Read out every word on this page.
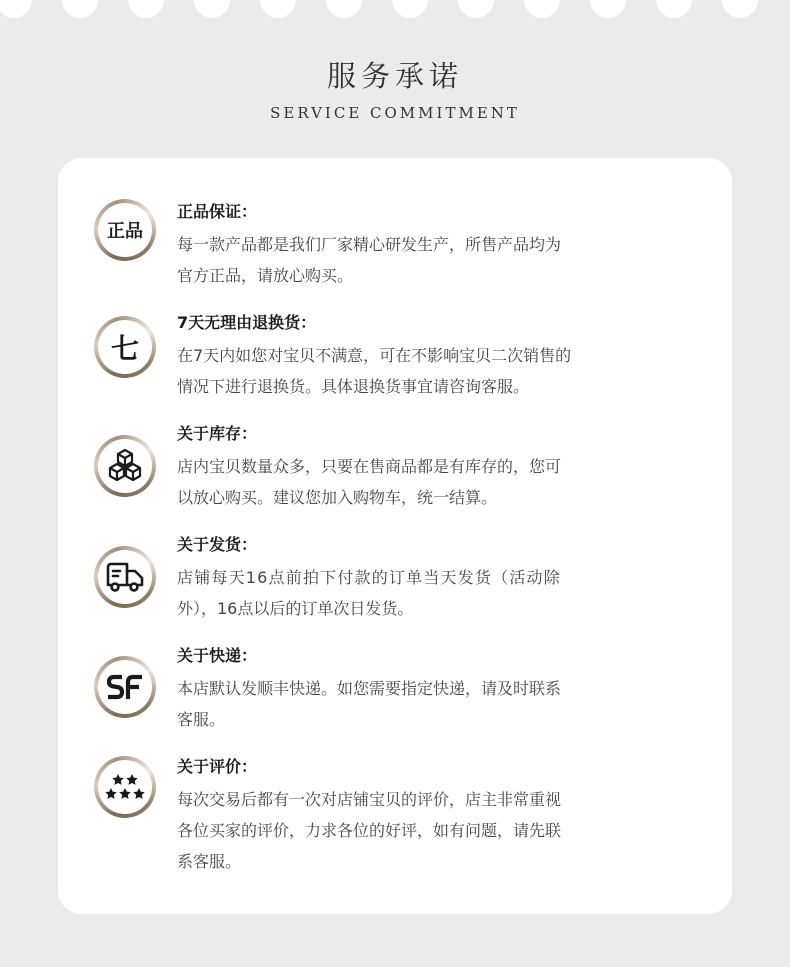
服务承诺
SERVICE COMMITMENT
正品
正品保证：
每一款产品都是我们厂家精心研发生产，所售产品均为
官方正品，请放心购买。
七
7天无理由退换货：
在7天内如您对宝贝不满意，可在不影响宝贝二次销售的
情况下进行退换货。具体退换货事宜请咨询客服。
关于库存：
店内宝贝数量众多，只要在售商品都是有库存的，您可
以放心购买。建议您加入购物车，统一结算。
关于发货：
店铺每天16点前拍下付款的订单当天发货（活动除
外），16点以后的订单次日发货。
关于快递：
本店默认发顺丰快递。如您需要指定快递，请及时联系
客服。
关于评价：
每次交易后都有一次对店铺宝贝的评价，店主非常重视
各位买家的评价，力求各位的好评，如有问题，请先联
系客服。
